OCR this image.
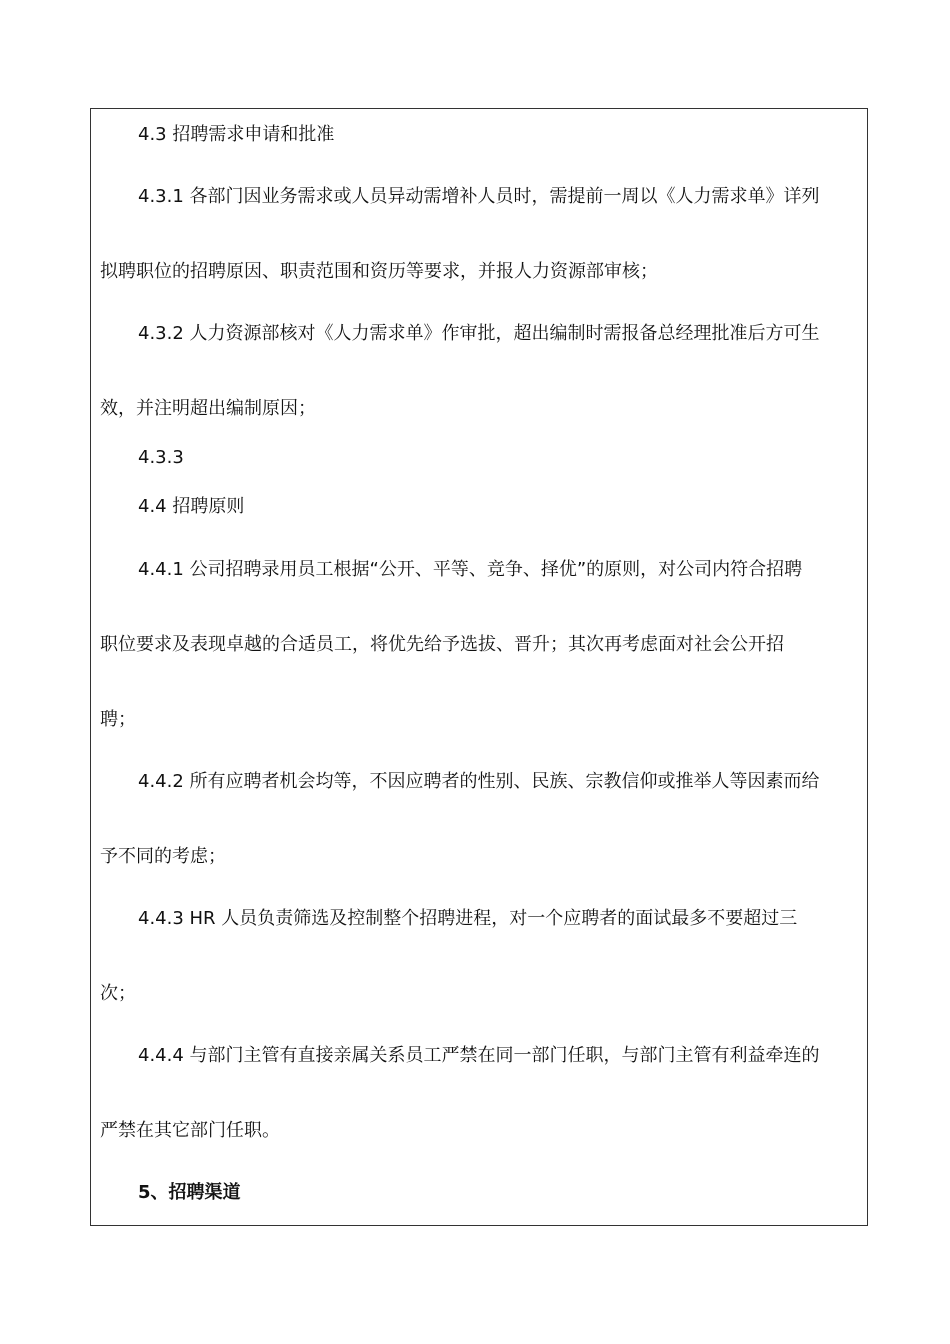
4.3 招聘需求申请和批准

4.3.1 各部门因业务需求或人员异动需增补人员时，需提前一周以《人力需求单》详列

拟聘职位的招聘原因、职责范围和资历等要求，并报人力资源部审核；

4.3.2 人力资源部核对《人力需求单》作审批，超出编制时需报备总经理批准后方可生

效，并注明超出编制原因；

4.3.3

4.4 招聘原则

4.4.1 公司招聘录用员工根据“公开、平等、竞争、择优”的原则，对公司内符合招聘

职位要求及表现卓越的合适员工，将优先给予选拔、晋升；其次再考虑面对社会公开招

聘；

4.4.2 所有应聘者机会均等，不因应聘者的性别、民族、宗教信仰或推举人等因素而给

予不同的考虑；

4.4.3 HR 人员负责筛选及控制整个招聘进程，对一个应聘者的面试最多不要超过三

次；

4.4.4 与部门主管有直接亲属关系员工严禁在同一部门任职，与部门主管有利益牵连的

严禁在其它部门任职。

5、招聘渠道
